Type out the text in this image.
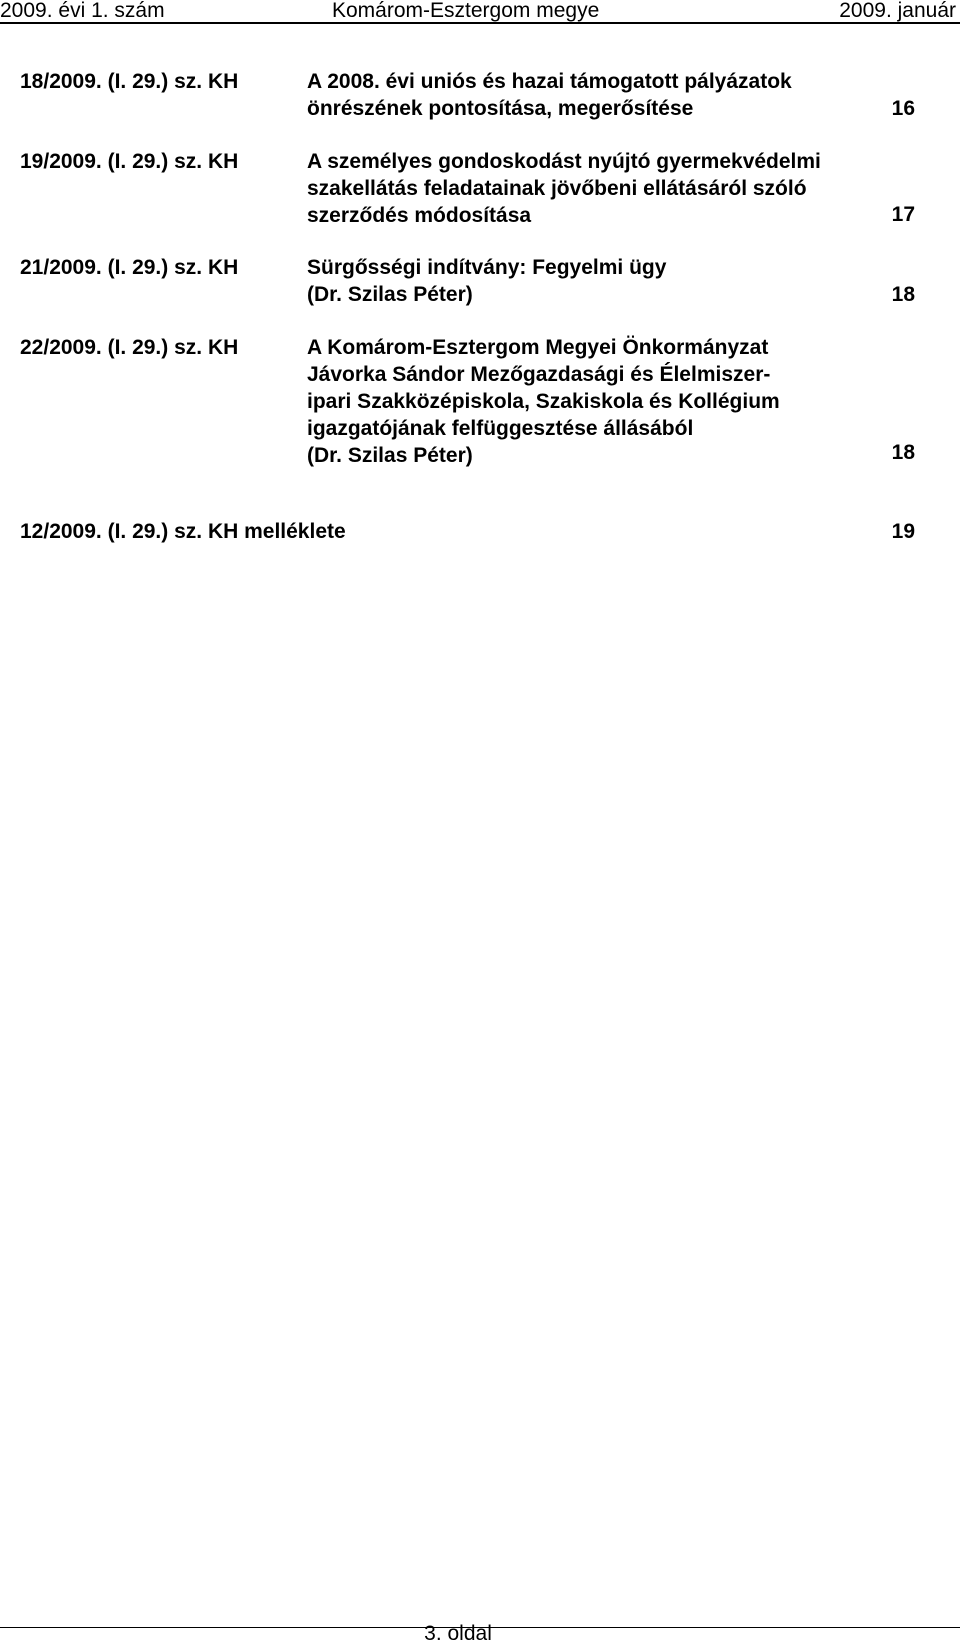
2009. évi 1. szám	Komárom-Esztergom megye	2009. január
18/2009. (I. 29.) sz. KH	A 2008. évi uniós és hazai támogatott pályázatok
önrészének pontosítása, megerősítése	16
19/2009. (I. 29.) sz. KH	A személyes gondoskodást nyújtó gyermekvédelmi
szakellátás feladatainak jövőbeni ellátásáról szóló
szerződés módosítása	17
21/2009. (I. 29.) sz. KH	Sürgősségi indítvány: Fegyelmi ügy
(Dr. Szilas Péter)	18
22/2009. (I. 29.) sz. KH	A Komárom-Esztergom Megyei Önkormányzat
Jávorka Sándor Mezőgazdasági és Élelmiszer-
ipari Szakközépiskola, Szakiskola és Kollégium
igazgatójának felfüggesztése állásából
(Dr. Szilas Péter)	18
12/2009. (I. 29.) sz. KH melléklete	19
3. oldal
